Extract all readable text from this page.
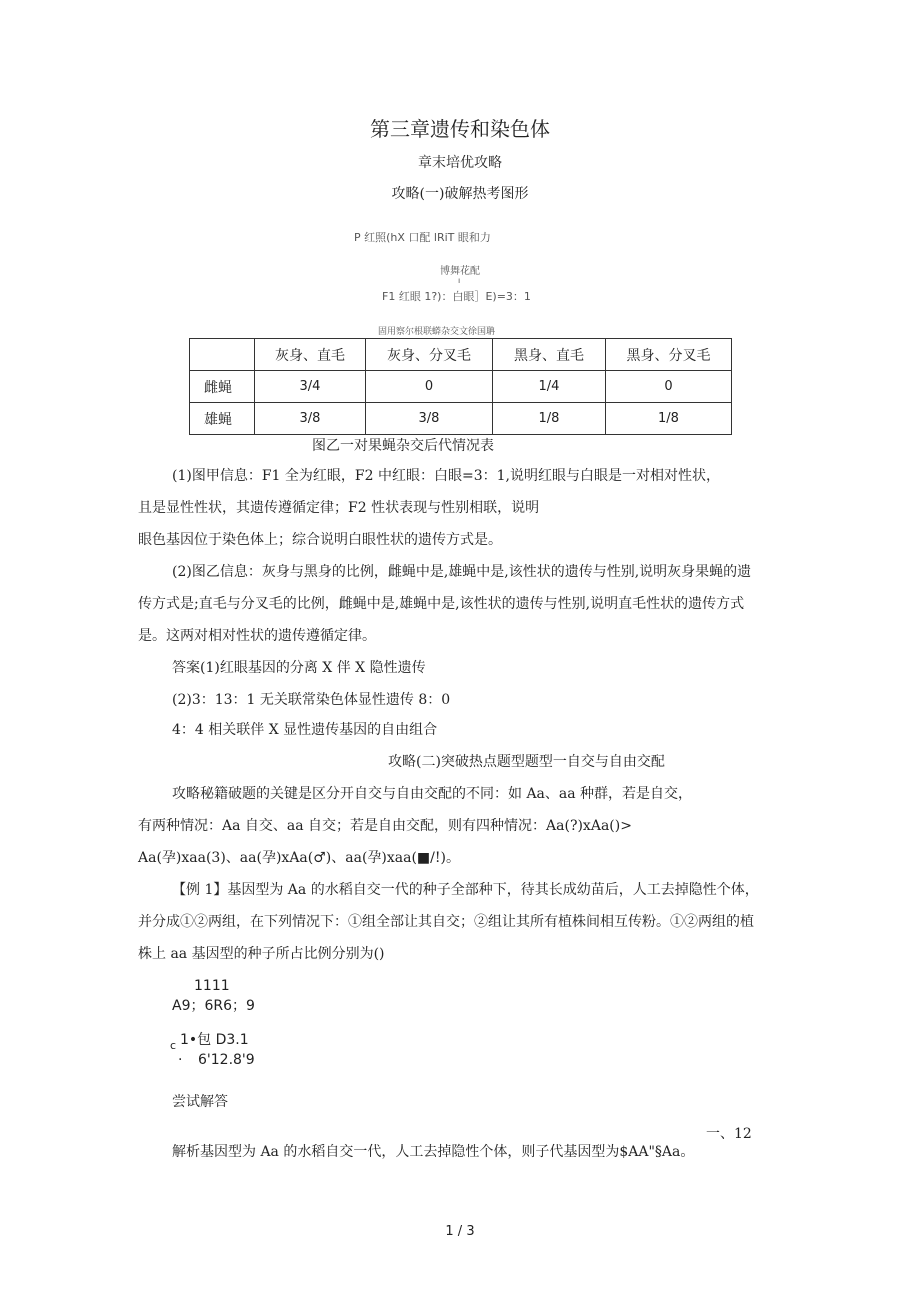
第三章遗传和染色体
章末培优攻略
攻略(一)破解热考图形
P 红照(hX 口配 lRiT 眼和力
博舞花配
ı
F1 红眼 1?)：白眼］E)=3：1
固用察尔根联蟒杂交文徐国聃
	灰身、直毛	灰身、分叉毛	黑身、直毛	黑身、分叉毛
雌蝇	3/4	0	1/4	0
雄蝇	3/8	3/8	1/8	1/8
图乙一对果蝇杂交后代情况表
(1)图甲信息：F1 全为红眼，F2 中红眼：白眼=3：1,说明红眼与白眼是一对相对性状，
且是显性性状，其遗传遵循定律；F2 性状表现与性别相联，说明
眼色基因位于染色体上；综合说明白眼性状的遗传方式是。
(2)图乙信息：灰身与黑身的比例，雌蝇中是,雄蝇中是,该性状的遗传与性别,说明灰身果蝇的遗
传方式是;直毛与分叉毛的比例，雌蝇中是,雄蝇中是,该性状的遗传与性别,说明直毛性状的遗传方式
是。这两对相对性状的遗传遵循定律。
答案(1)红眼基因的分离 X 伴 X 隐性遗传
(2)3：13：1 无关联常染色体显性遗传 8：0
4：4 相关联伴 X 显性遗传基因的自由组合
攻略(二)突破热点题型题型一自交与自由交配
攻略秘籍破题的关键是区分开自交与自由交配的不同：如 Aa、aa 种群，若是自交，
有两种情况：Aa 自交、aa 自交；若是自由交配，则有四种情况：Aa(?)xAa()>
Aa(孕)xaa(3)、aa(孕)xAa(♂)、aa(孕)xaa(■/!)。
【例 1】基因型为 Aa 的水稻自交一代的种子全部种下，待其长成幼苗后，人工去掉隐性个体，
并分成①②两组，在下列情况下：①组全部让其自交；②组让其所有植株间相互传粉。①②两组的植
株上 aa 基因型的种子所占比例分别为()
1111
A9；6R6；9
c 1•包 D3.1
· 6'12.8'9
尝试解答
一、12
解析基因型为 Aa 的水稻自交一代，人工去掉隐性个体，则子代基因型为$AA"§Aa。
1 / 3
